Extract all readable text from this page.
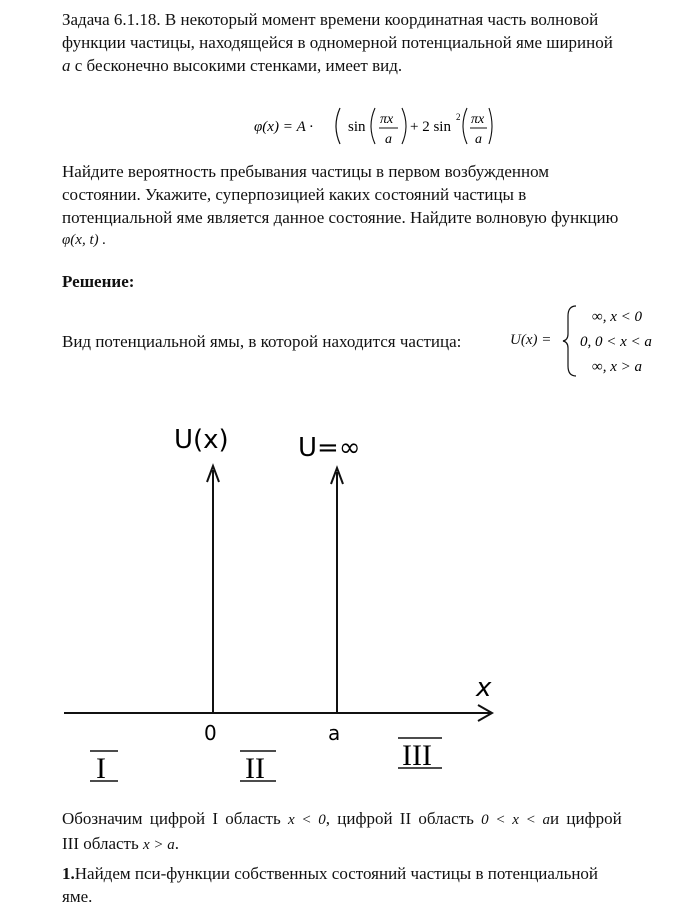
Задача 6.1.18. В некоторый момент времени координатная часть волновой
функции частицы, находящейся в одномерной потенциальной яме шириной
a с бесконечно высокими стенками, имеет вид.
φ(x) = A · sin πx
a
+ 2 sin
2 πx
a
Найдите вероятность пребывания частицы в первом возбужденном
состоянии. Укажите, суперпозицией каких состояний частицы в
потенциальной яме является данное состояние. Найдите волновую функцию
φ(x, t) .
Решение:
Вид потенциальной ямы, в которой находится частица:	U(x) =
∞, x < 0
0, 0 < x < a
∞, x > a
U(x)	U=∞
x
0	a
I	II	III
Обозначим цифрой I область x < 0, цифрой II область 0 < x < aи цифрой
III область x > a.
1.Найдем пси-функции собственных состояний частицы в потенциальной
яме.
